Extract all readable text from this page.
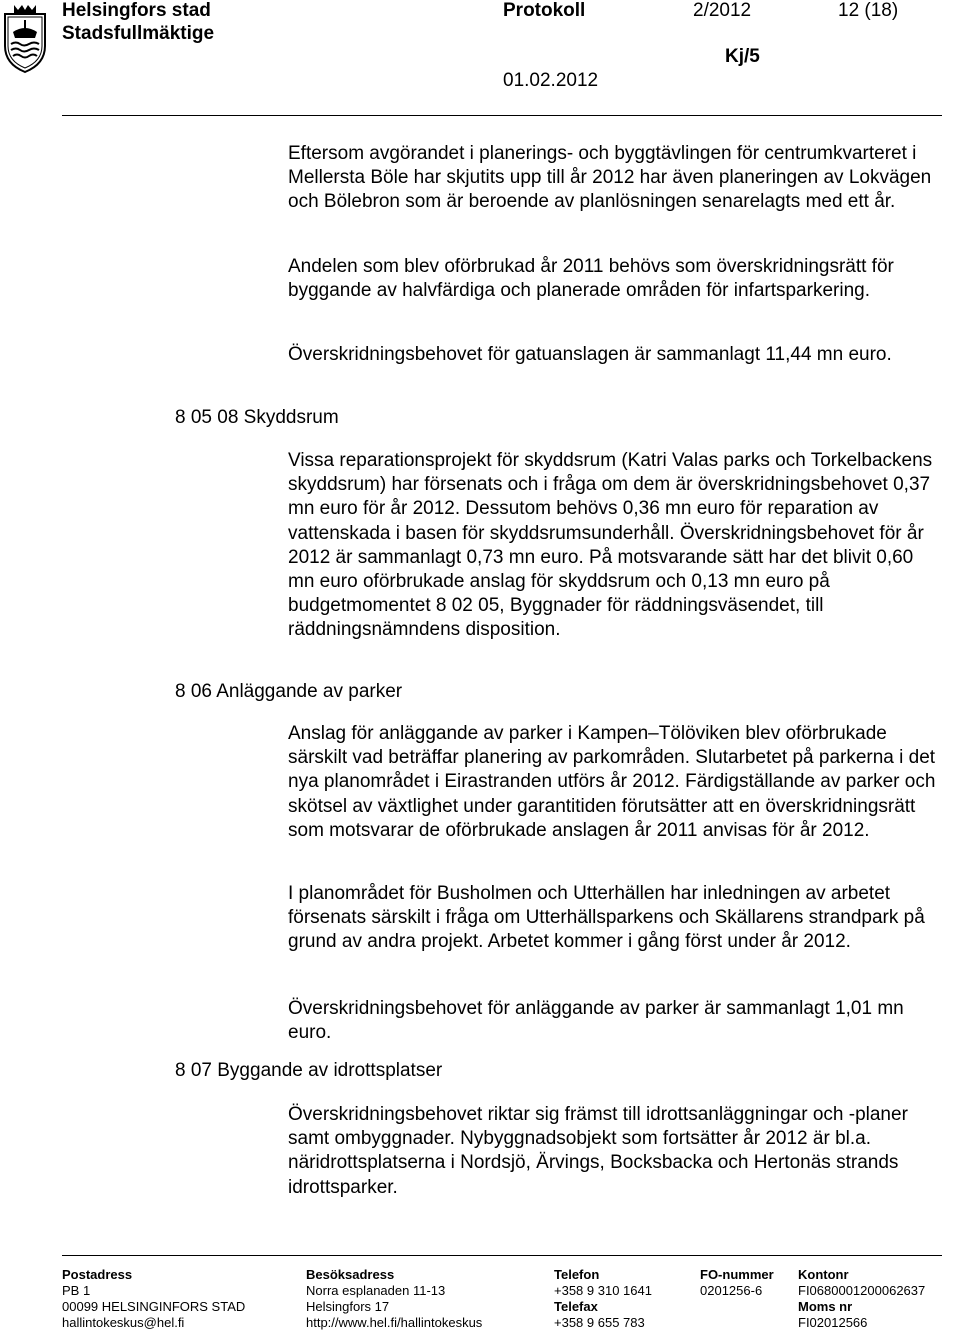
Helsingfors stad
Stadsfullmäktige
Protokoll	2/2012	12 (18)
Kj/5
01.02.2012
8 05 08 Skyddsrum
8 06 Anläggande av parker
8 07 Byggande av idrottsplatser

Eftersom avgörandet i planerings- och byggtävlingen för centrumkvarteret i Mellersta Böle har skjutits upp till år 2012 har även planeringen av Lokvägen och Bölebron som är beroende av planlösningen senarelagts med ett år.

Andelen som blev oförbrukad år 2011 behövs som överskridningsrätt för byggande av halvfärdiga och planerade områden för infartsparkering.

Överskridningsbehovet för gatuanslagen är sammanlagt 11,44 mn euro.

Vissa reparationsprojekt för skyddsrum (Katri Valas parks och Torkelbackens skyddsrum) har försenats och i fråga om dem är överskridningsbehovet 0,37 mn euro för år 2012. Dessutom behövs 0,36 mn euro för reparation av vattenskada i basen för skyddsrumsunderhåll. Överskridningsbehovet för år 2012 är sammanlagt 0,73 mn euro. På motsvarande sätt har det blivit 0,60 mn euro oförbrukade anslag för skyddsrum och 0,13 mn euro på budgetmomentet 8 02 05, Byggnader för räddningsväsendet, till räddningsnämndens disposition.

Anslag för anläggande av parker i Kampen‒Tölöviken blev oförbrukade särskilt vad beträffar planering av parkområden. Slutarbetet på parkerna i det nya planområdet i Eirastranden utförs år 2012. Färdigställande av parker och skötsel av växtlighet under garantitiden förutsätter att en överskridningsrätt som motsvarar de oförbrukade anslagen år 2011 anvisas för år 2012.

I planområdet för Busholmen och Utterhällen har inledningen av arbetet försenats särskilt i fråga om Utterhällsparkens och Skällarens strandpark på grund av andra projekt. Arbetet kommer i gång först under år 2012.

Överskridningsbehovet för anläggande av parker är sammanlagt 1,01 mn euro.

Överskridningsbehovet riktar sig främst till idrottsanläggningar och -planer samt ombyggnader. Nybyggnadsobjekt som fortsätter år 2012 är bl.a. näridrottsplatserna i Nordsjö, Ärvings, Bocksbacka och Hertonäs strands idrottsparker.

Postadress
PB 1
00099 HELSINGINFORS STAD
hallintokeskus@hel.fi
Besöksadress
Norra esplanaden 11-13
Helsingfors 17
http://www.hel.fi/hallintokeskus
Telefon
+358 9 310 1641
Telefax
+358 9 655 783
FO-nummer
0201256-6
Kontonr
FI0680001200062637
Moms nr
FI02012566
